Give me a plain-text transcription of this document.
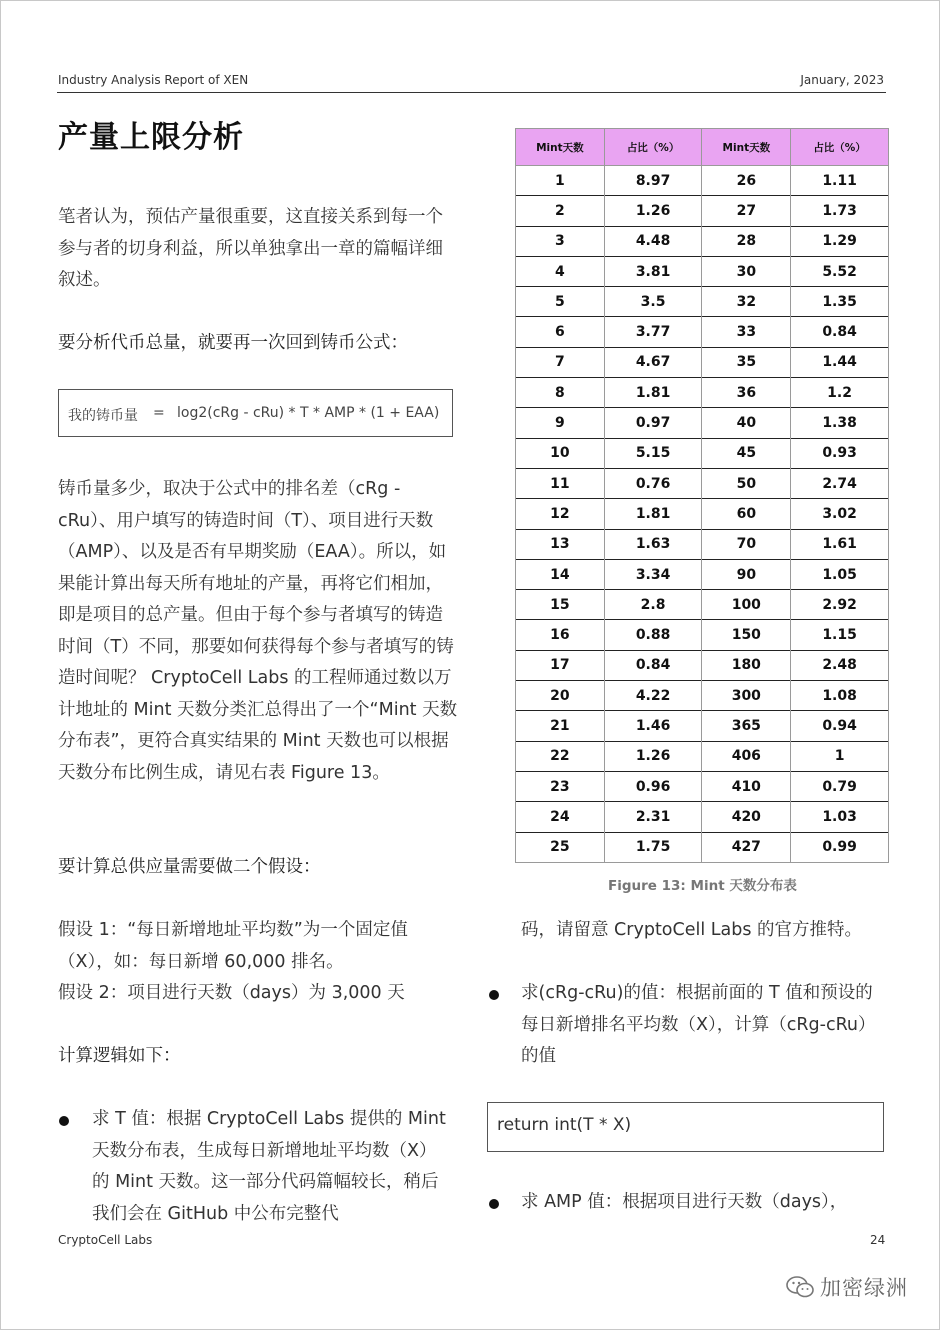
Industry Analysis Report of XEN	January, 2023
产量上限分析
笔者认为，预估产量很重要，这直接关系到每一个参与者的切身利益，所以单独拿出一章的篇幅详细叙述。
要分析代币总量，就要再一次回到铸币公式：
我的铸币量 = log2(cRg - cRu) * T * AMP * (1 + EAA)
铸币量多少，取决于公式中的排名差（cRg - cRu）、用户填写的铸造时间（T）、项目进行天数（AMP）、以及是否有早期奖励（EAA）。所以，如果能计算出每天所有地址的产量，再将它们相加，即是项目的总产量。但由于每个参与者填写的铸造时间（T）不同，那要如何获得每个参与者填写的铸造时间呢？ CryptoCell Labs 的工程师通过数以万计地址的 Mint 天数分类汇总得出了一个“Mint 天数分布表”，更符合真实结果的 Mint 天数也可以根据天数分布比例生成，请见右表 Figure 13。
要计算总供应量需要做二个假设：
假设 1：“每日新增地址平均数”为一个固定值（X），如：每日新增 60,000 排名。
假设 2：项目进行天数（days）为 3,000 天
计算逻辑如下：
求 T 值：根据 CryptoCell Labs 提供的 Mint 天数分布表，生成每日新增地址平均数（X）的 Mint 天数。这一部分代码篇幅较长，稍后我们会在 GitHub 中公布完整代
码，请留意 CryptoCell Labs 的官方推特。
求(cRg-cRu)的值：根据前面的 T 值和预设的每日新增排名平均数（X），计算（cRg-cRu）的值
return int(T * X)
求 AMP 值：根据项目进行天数（days），
Mint天数	占比（%）	Mint天数	占比（%）
1	8.97	26	1.11
2	1.26	27	1.73
3	4.48	28	1.29
4	3.81	30	5.52
5	3.5	32	1.35
6	3.77	33	0.84
7	4.67	35	1.44
8	1.81	36	1.2
9	0.97	40	1.38
10	5.15	45	0.93
11	0.76	50	2.74
12	1.81	60	3.02
13	1.63	70	1.61
14	3.34	90	1.05
15	2.8	100	2.92
16	0.88	150	1.15
17	0.84	180	2.48
20	4.22	300	1.08
21	1.46	365	0.94
22	1.26	406	1
23	0.96	410	0.79
24	2.31	420	1.03
25	1.75	427	0.99
Figure 13: Mint 天数分布表
CryptoCell Labs	24
加密绿洲
